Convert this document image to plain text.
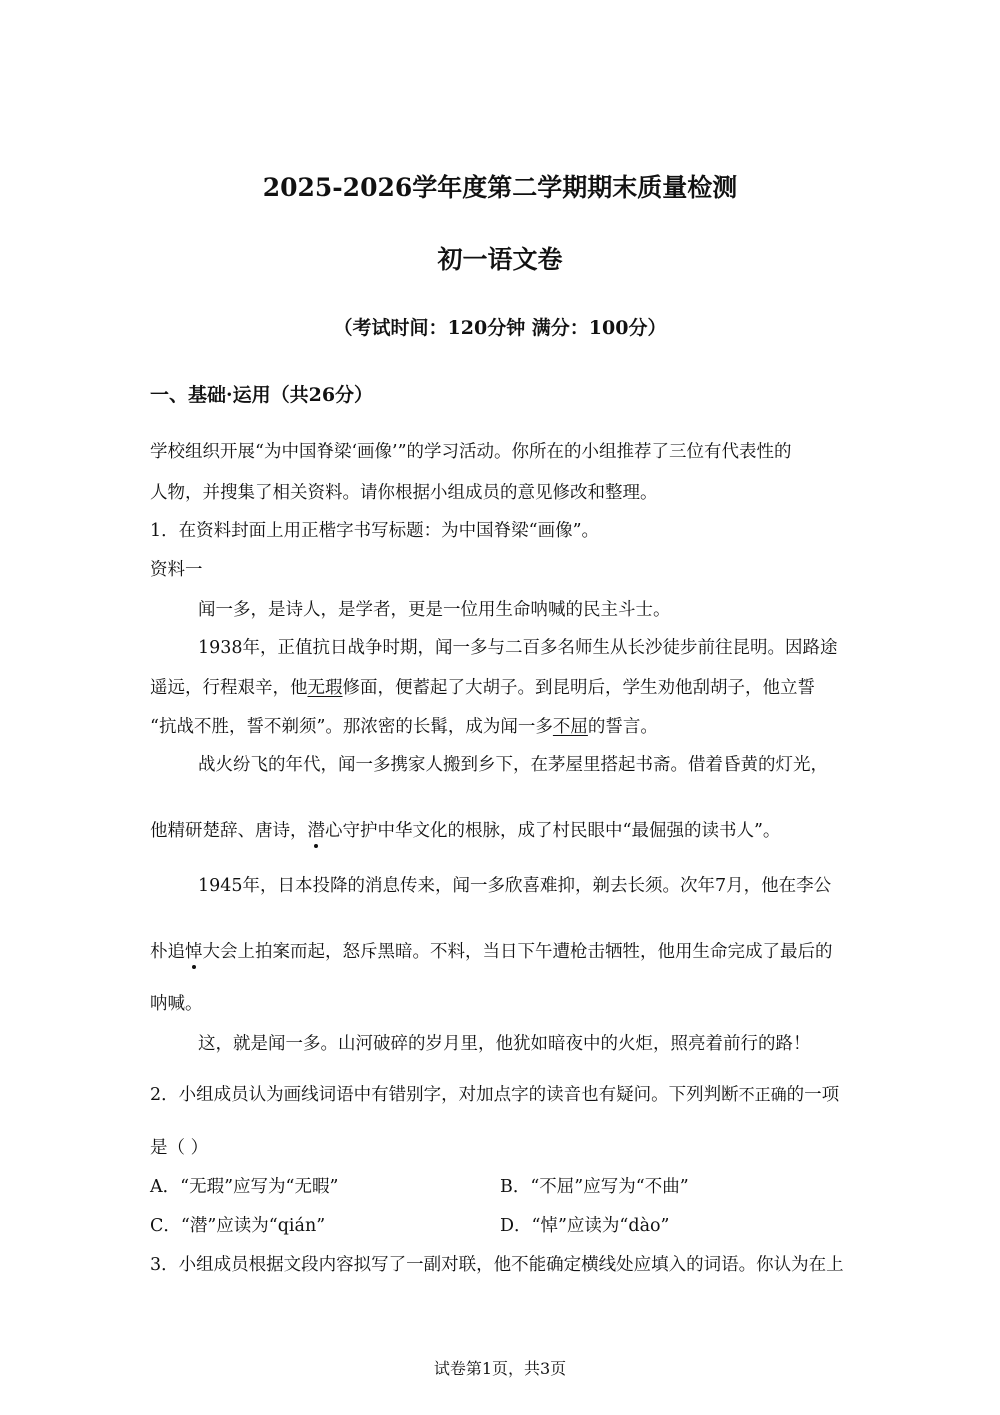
2025-2026学年度第二学期期末质量检测
初一语文卷
（考试时间：120分钟 满分：100分）
一、基础·运用（共26分）
学校组织开展“为中国脊梁‘画像’”的学习活动。你所在的小组推荐了三位有代表性的
人物，并搜集了相关资料。请你根据小组成员的意见修改和整理。
1．在资料封面上用正楷字书写标题：为中国脊梁“画像”。
资料一
闻一多，是诗人，是学者，更是一位用生命呐喊的民主斗士。
1938年，正值抗日战争时期，闻一多与二百多名师生从长沙徒步前往昆明。因路途
遥远，行程艰辛，他无瑕修面，便蓄起了大胡子。到昆明后，学生劝他刮胡子，他立誓
“抗战不胜，誓不剃须”。那浓密的长髯，成为闻一多不屈的誓言。
战火纷飞的年代，闻一多携家人搬到乡下，在茅屋里搭起书斋。借着昏黄的灯光，
他精研楚辞、唐诗，潜心守护中华文化的根脉，成了村民眼中“最倔强的读书人”。
1945年，日本投降的消息传来，闻一多欣喜难抑，剃去长须。次年7月，他在李公
朴追悼大会上拍案而起，怒斥黑暗。不料，当日下午遭枪击牺牲，他用生命完成了最后的
呐喊。
这，就是闻一多。山河破碎的岁月里，他犹如暗夜中的火炬，照亮着前行的路！
2．小组成员认为画线词语中有错别字，对加点字的读音也有疑问。下列判断不正确的一项
是（ ）
A．“无瑕”应写为“无暇”	B．“不屈”应写为“不曲”
C．“潜”应读为“qián”	D．“悼”应读为“dào”
3．小组成员根据文段内容拟写了一副对联，他不能确定横线处应填入的词语。你认为在上
试卷第1页，共3页
